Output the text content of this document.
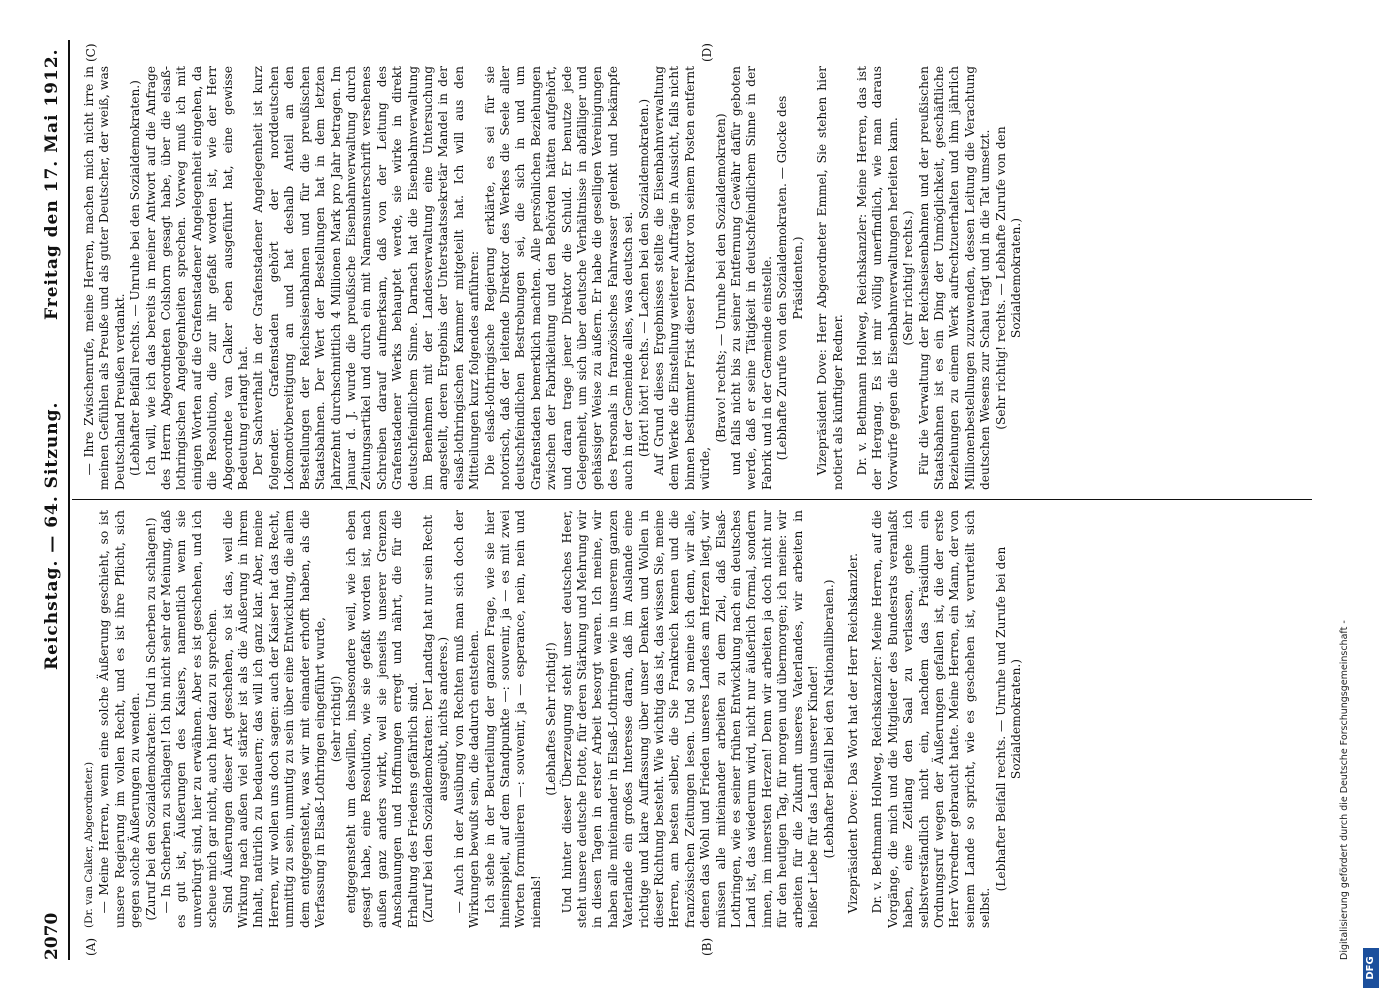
2070
Reichstag. — 64. Sitzung.
Freitag den 17. Mai 1912.
(A)	(B)
(C)	(D)

(Dr. van Calker, Abgeordneter.) — Meine Herren, wenn eine solche Äußerung geschieht, so ist unsere Regierung im vollen Recht, und es ist ihre Pflicht, sich gegen solche Äußerungen zu wenden. (Zuruf bei den Sozialdemokraten: Und in Scherben zu schlagen!) — In Scherben zu schlagen! Ich bin nicht sehr der Meinung, daß es gut ist, Äußerungen des Kaisers, namentlich wenn sie unverbürgt sind, hier zu erwähnen. Aber es ist geschehen, und ich scheue mich gar nicht, auch hier dazu zu sprechen. Sind Äußerungen dieser Art geschehen, so ist das, weil die Wirkung nach außen viel stärker ist als die Äußerung in ihrem Inhalt, natürlich zu bedauern; das will ich ganz klar. Aber, meine Herren, wir wollen uns doch sagen: auch der Kaiser hat das Recht, unmittig zu sein, unmutig zu sein über eine Entwicklung, die allem dem entgegensteht, was wir mit einander erhofft haben, als die Verfassung in Elsaß-Lothringen eingeführt wurde, (sehr richtig!) entgegensteht um deswillen, insbesondere weil, wie ich eben gesagt habe, eine Resolution, wie sie gefaßt worden ist, nach außen ganz anders wirkt, weil sie jenseits unserer Grenzen Anschauungen und Hoffnungen erregt und nährt, die für die Erhaltung des Friedens gefährlich sind. (Zuruf bei den Sozialdemokraten: Der Landtag hat nur sein Recht ausgeübt, nichts anderes.) — Auch in der Ausübung von Rechten muß man sich doch der Wirkungen bewußt sein, die dadurch entstehen. Ich stehe in der Beurteilung der ganzen Frage, wie sie hier hineinspielt, auf dem Standpunkte —: souvenir, ja — es mit zwei Worten formulieren —: souvenir, ja — esperance, nein, nein und niemals!

(Lebhaftes Sehr richtig!) Und hinter dieser Überzeugung steht unser deutsches Heer, steht unsere deutsche Flotte, für deren Stärkung und Mehrung wir in diesen Tagen in erster Arbeit besorgt waren. Ich meine, wir haben alle miteinander in Elsaß-Lothringen wie in unserem ganzen Vaterlande ein großes Interesse daran, daß im Auslande eine richtige und klare Auffassung über unser Denken und Wollen in dieser Richtung besteht. Wie wichtig das ist, das wissen Sie, meine Herren, am besten selber, die Sie Frankreich kennen und die französischen Zeitungen lesen. Und so meine ich denn, wir alle, denen das Wohl und Frieden unseres Landes am Herzen liegt, wir müssen alle miteinander arbeiten zu dem Ziel, daß Elsaß-Lothringen, wie es seiner frühen Entwicklung nach ein deutsches Land ist, das wiederum wird, nicht nur äußerlich formal, sondern innen, im innersten Herzen! Denn wir arbeiten ja doch nicht nur für den heutigen Tag, für morgen und übermorgen; ich meine: wir arbeiten für die Zukunft unseres Vaterlandes, wir arbeiten in heißer Liebe für das Land unserer Kinder! (Lebhafter Beifall bei den Nationalliberalen.) Vizepräsident Dove: Das Wort hat der Herr Reichskanzler. Dr. v. Bethmann Hollweg, Reichskanzler: Meine Herren, auf die Vorgänge, die mich und die Mitglieder des Bundesrats veranlaßt haben, eine Zeitlang den Saal zu verlassen, gehe ich selbstverständlich nicht ein, nachdem das Präsidium ein Ordnungsruf wegen der Äußerungen gefallen ist, die der erste Herr Vorredner gebraucht hatte. Meine Herren, ein Mann, der von seinem Lande so spricht, wie es geschehen ist, verurteilt sich selbst.

(Lebhafter Beifall rechts. — Unruhe und Zurufe bei den Sozialdemokraten.)

— Ihre Zwischenrufe, meine Herren, machen mich nicht irre in meinen Gefühlen als Preuße und als guter Deutscher, der weiß, was Deutschland Preußen verdankt. (Lebhafter Beifall rechts. — Unruhe bei den Sozialdemokraten.) Ich will, wie ich das bereits in meiner Antwort auf die Anfrage des Herrn Abgeordneten Colshorn gesagt habe, über die elsaß-lothringischen Angelegenheiten sprechen. Vorweg muß ich mit einigen Worten auf die Grafenstadener Angelegenheit eingehen, da die Resolution, die zur ihr gefaßt worden ist, wie der Herr Abgeordnete van Calker eben ausgeführt hat, eine gewisse Bedeutung erlangt hat. Der Sachverhalt in der Grafenstadener Angelegenheit ist kurz folgender. Grafenstaden gehört der norddeutschen Lokomotivbereitigung an und hat deshalb Anteil an den Bestellungen der Reichseisenbahnen und für die preußischen Staatsbahnen. Der Wert der Bestellungen hat in dem letzten Jahrzehnt durchschnittlich 4 Millionen Mark pro Jahr betragen. Im Januar d. J. wurde die preußische Eisenbahnverwaltung durch Zeitungsartikel und durch ein mit Namensunterschrift versehenes Schreiben darauf aufmerksam, daß von der Leitung des Grafenstadener Werks behauptet werde, sie wirke in direkt deutschfeindlichem Sinne. Darnach hat die Eisenbahnverwaltung im Benehmen mit der Landesverwaltung eine Untersuchung angestellt, deren Ergebnis der Unterstaatssekretär Mandel in der elsaß-lothringischen Kammer mitgeteilt hat. Ich will aus den Mitteilungen kurz folgendes anführen: Die elsaß-lothringische Regierung erklärte, es sei für sie notorisch, daß der leitende Direktor des Werkes die Seele aller deutschfeindlichen Bestrebungen sei, die sich in und um Grafenstaden bemerklich machten. Alle persönlichen Beziehungen zwischen der Fabrikleitung und den Behörden hätten aufgehört, und daran trage jener Direktor die Schuld. Er benutze jede Gelegenheit, um sich über deutsche Verhältnisse in abfälliger und gehässiger Weise zu äußern. Er habe die geselligen Vereinigungen des Personals in französisches Fahrwasser gelenkt und bekämpfe auch in der Gemeinde alles, was deutsch sei. (Hört! hört! rechts. — Lachen bei den Sozialdemokraten.) Auf Grund dieses Ergebnisses stellte die Eisenbahnverwaltung dem Werke die Einstellung weiterer Aufträge in Aussicht, falls nicht binnen bestimmter Frist dieser Direktor von seinem Posten entfernt würde,

(Bravo! rechts; — Unruhe bei den Sozialdemokraten) und falls nicht bis zu seiner Entfernung Gewähr dafür geboten werde, daß er seine Tätigkeit in deutschfeindlichem Sinne in der Fabrik und in der Gemeinde einstelle. (Lebhafte Zurufe von den Sozialdemokraten. — Glocke des Präsidenten.) Vizepräsident Dove: Herr Abgeordneter Emmel, Sie stehen hier notiert als künftiger Redner. Dr. v. Bethmann Hollweg, Reichskanzler: Meine Herren, das ist der Hergang. Es ist mir völlig unerfindlich, wie man daraus Vorwürfe gegen die Eisenbahnverwaltungen herleiten kann. (Sehr richtig! rechts.) Für die Verwaltung der Reichseisenbahnen und der preußischen Staatsbahnen ist es ein Ding der Unmöglichkeit, geschäftliche Beziehungen zu einem Werk aufrechtzuerhalten und ihm jährlich Millionenbestellungen zuzuwenden, dessen Leitung die Verachtung deutschen Wesens zur Schau trägt und in die Tat umsetzt. (Sehr richtig! rechts. — Lebhafte Zurufe von den Sozialdemokraten.)

Digitalisierung gefördert durch die Deutsche Forschungsgemeinschaft -
DFG
